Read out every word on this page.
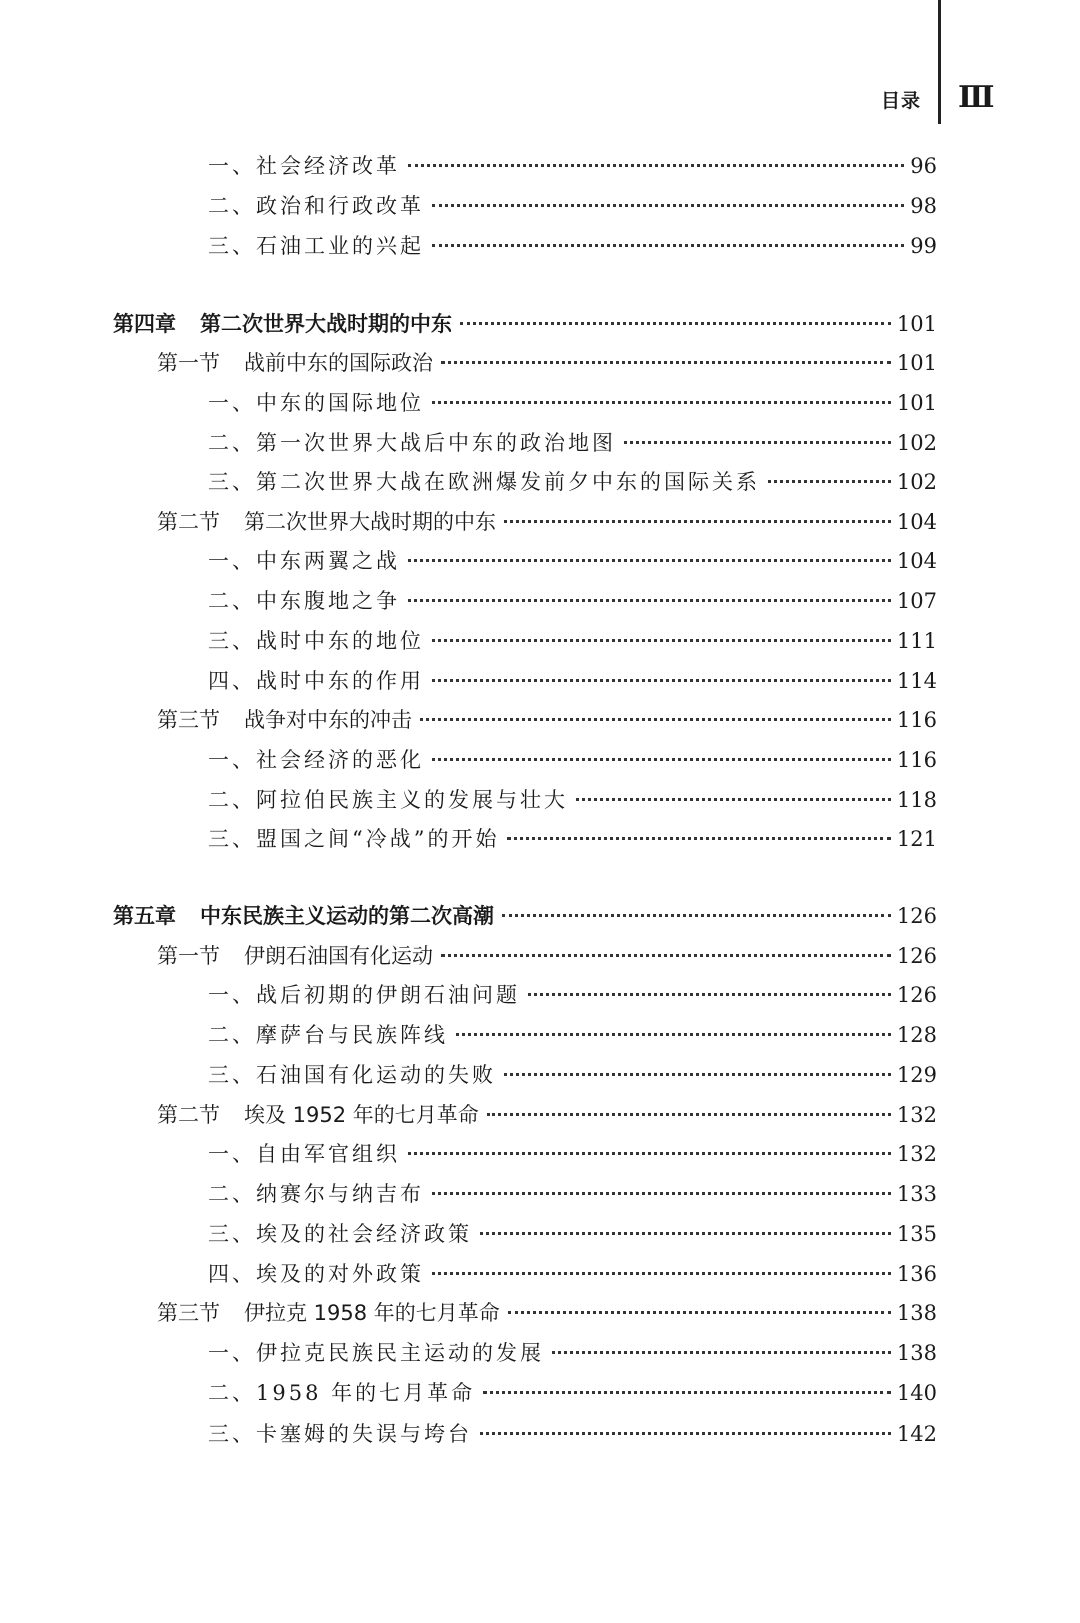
目录 Ⅲ
一、社会经济改革	96
二、政治和行政改革	98
三、石油工业的兴起	99
第四章 第二次世界大战时期的中东	101
第一节 战前中东的国际政治	101
一、中东的国际地位	101
二、第一次世界大战后中东的政治地图	102
三、第二次世界大战在欧洲爆发前夕中东的国际关系	102
第二节 第二次世界大战时期的中东	104
一、中东两翼之战	104
二、中东腹地之争	107
三、战时中东的地位	111
四、战时中东的作用	114
第三节 战争对中东的冲击	116
一、社会经济的恶化	116
二、阿拉伯民族主义的发展与壮大	118
三、盟国之间“冷战”的开始	121
第五章 中东民族主义运动的第二次高潮	126
第一节 伊朗石油国有化运动	126
一、战后初期的伊朗石油问题	126
二、摩萨台与民族阵线	128
三、石油国有化运动的失败	129
第二节 埃及 1952 年的七月革命	132
一、自由军官组织	132
二、纳赛尔与纳吉布	133
三、埃及的社会经济政策	135
四、埃及的对外政策	136
第三节 伊拉克 1958 年的七月革命	138
一、伊拉克民族民主运动的发展	138
二、1958 年的七月革命	140
三、卡塞姆的失误与垮台	142
